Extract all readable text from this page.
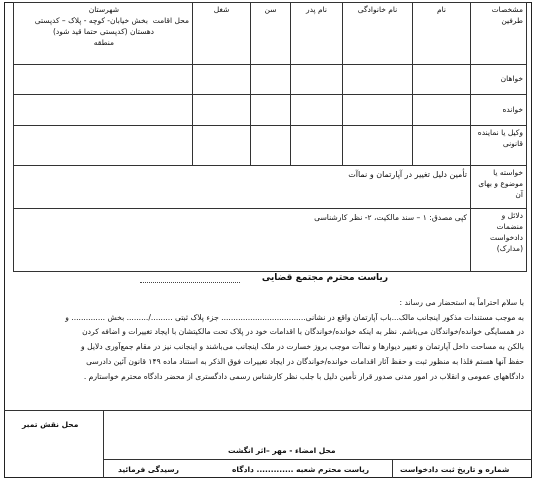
مشخصات طرفین	نام	نام خانوادگی	نام پدر	سن	شغل	شهرستان
محل اقامت  بخش خیابان- کوچه - پلاک – کدپستی
دهستان (کدپستی حتما قید شود)
منطقه

خواهان						
خوانده						
وکیل یا نماینده قانونی						
خواسته یا موضوع و بهای آن	تأمین دلیل تغییر در آپارتمان و نماآت					
دلائل و منضمات دادخواست (مدارک)	کپی مصدق: ۱ – سند مالکیت، ۲- نظر کارشناسی					
ریاست محترم مجتمع قضایی
با سلام احتراماً به استحضار می رساند :
به موجب مستندات مذکور اینجانب مالک...باب آپارتمان واقع در نشانی................................... جزء پلاک ثبتی ........./......... بخش .............. و
در همسایگی خوانده/خواندگان می‌باشم. نظر به اینکه خوانده/خواندگان با اقدامات خود در پلاک تحت مالکیتشان با ایجاد تغییرات و اضافه کردن
بالکن به مساحت داخل آپارتمان و تغییر دیوارها و نماآت موجب بروز خسارت در ملک اینجانب می‌باشند و اینجانب نیز در مقام جمع‌آوری دلایل و
حفظ آنها هستم فلذا به منظور ثبت و حفظ آثار اقدامات خوانده/خواندگان در ایجاد تغییرات فوق الذکر به استناد ماده ۱۴۹ قانون آئین دادرسی
دادگاههای عمومی و انقلاب در امور مدنی صدور قرار تأمین دلیل با جلب نظر کارشناس رسمی دادگستری از محضر دادگاه محترم خواستارم .
محل نقش تمبر
محل امضاء - مهر –اثر انگشت
شماره و تاریخ ثبت دادخواست
ریاست محترم شعبه ............. دادگاه
رسیدگی فرمائید
